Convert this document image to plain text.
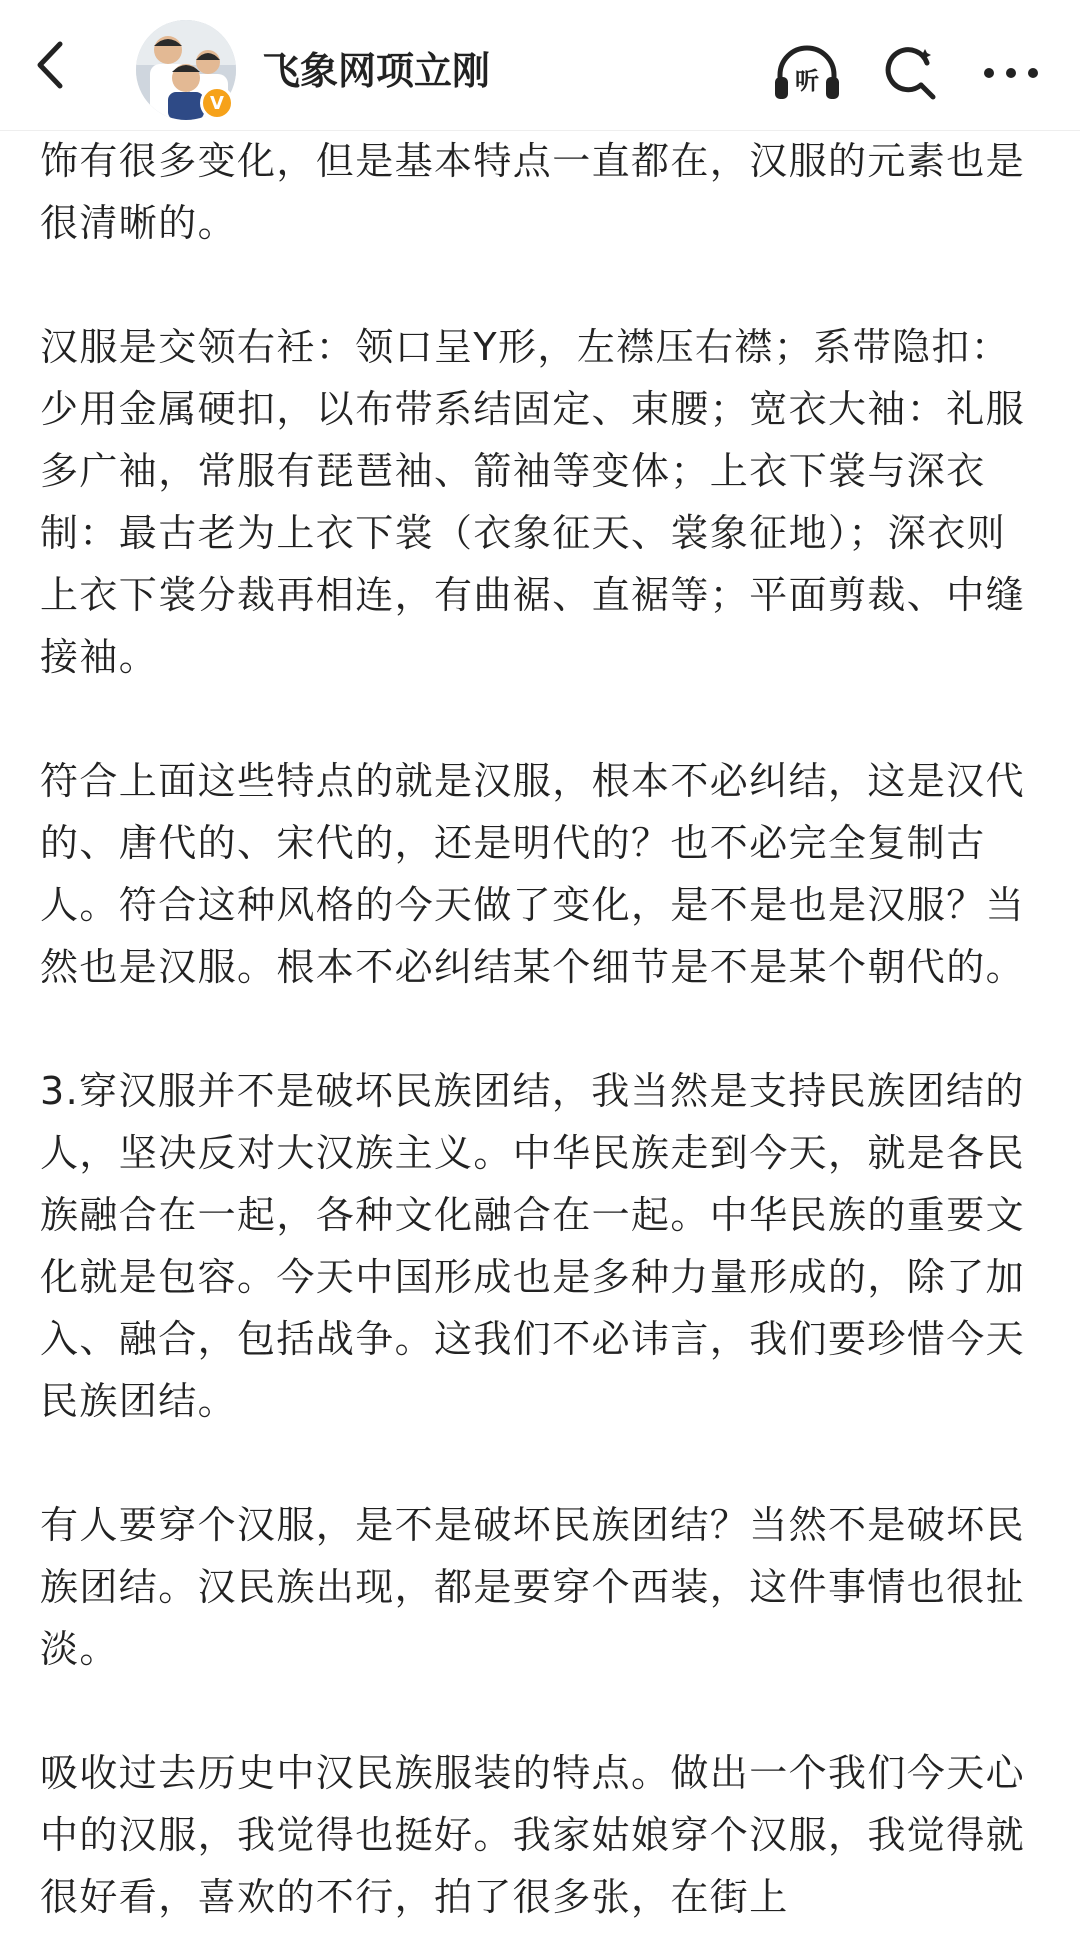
V
飞象网项立刚	听

饰有很多变化，但是基本特点一直都在，汉服的元素也是很清晰的。

汉服是交领右衽：领口呈Y形，左襟压右襟；系带隐扣：少用金属硬扣，以布带系结固定、束腰；宽衣大袖：礼服多广袖，常服有琵琶袖、箭袖等变体；上衣下裳与深衣制：最古老为上衣下裳（衣象征天、裳象征地）；深衣则上衣下裳分裁再相连，有曲裾、直裾等；平面剪裁、中缝接袖。

符合上面这些特点的就是汉服，根本不必纠结，这是汉代的、唐代的、宋代的，还是明代的？也不必完全复制古人。符合这种风格的今天做了变化，是不是也是汉服？当然也是汉服。根本不必纠结某个细节是不是某个朝代的。

3.穿汉服并不是破坏民族团结，我当然是支持民族团结的人，坚决反对大汉族主义。中华民族走到今天，就是各民族融合在一起，各种文化融合在一起。中华民族的重要文化就是包容。今天中国形成也是多种力量形成的，除了加入、融合，包括战争。这我们不必讳言，我们要珍惜今天民族团结。

有人要穿个汉服，是不是破坏民族团结？当然不是破坏民族团结。汉民族出现，都是要穿个西装，这件事情也很扯淡。

吸收过去历史中汉民族服装的特点。做出一个我们今天心中的汉服，我觉得也挺好。我家姑娘穿个汉服，我觉得就很好看，喜欢的不行，拍了很多张，在街上
